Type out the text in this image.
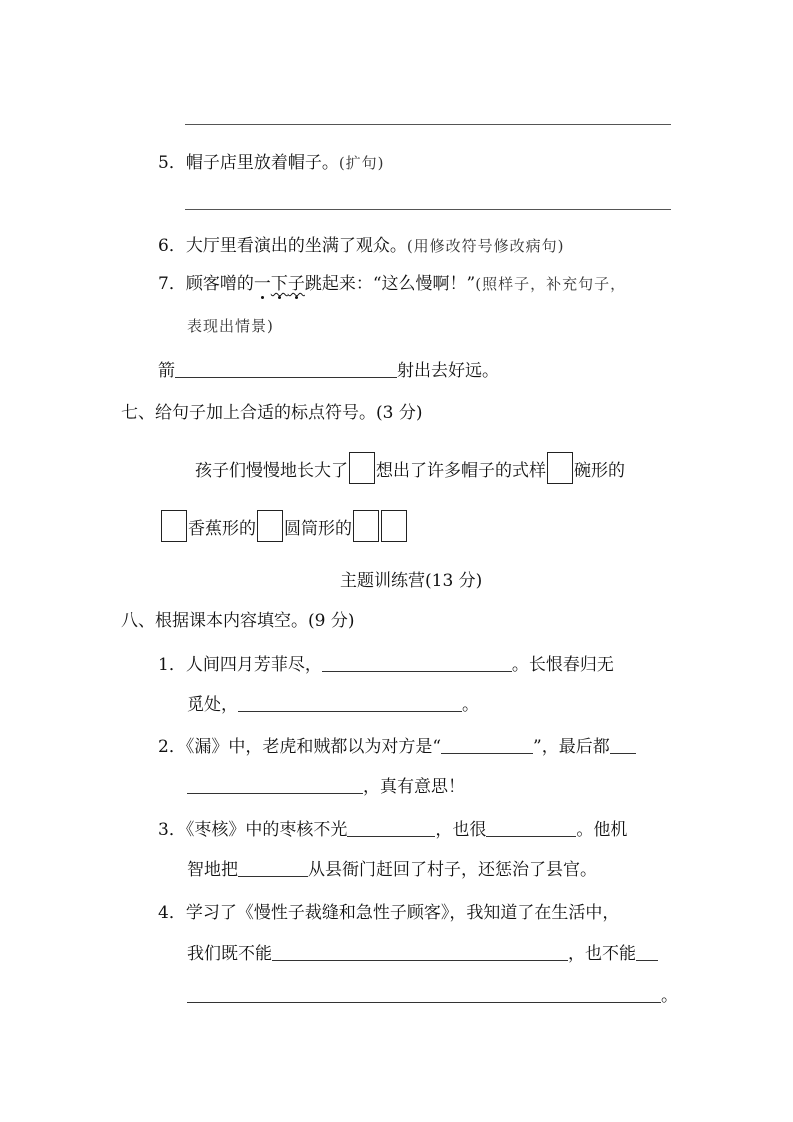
5．帽子店里放着帽子。(扩句)
6．大厅里看演出的坐满了观众。(用修改符号修改病句)
7．顾客噌的一下子跳起来：“这么慢啊！”(照样子，补充句子，
表现出情景)
箭	射出去好远。
七、给句子加上合适的标点符号。(3 分)
孩子们慢慢地长大了 想出了许多帽子的式样 碗形的
香蕉形的 圆筒形的
主题训练营(13 分)
八、根据课本内容填空。(9 分)
1．人间四月芳菲尽，	。长恨春归无
觅处，	。
2．《漏》中，老虎和贼都以为对方是“	”，最后都
，真有意思！
3．《枣核》中的枣核不光	，也很	。他机
智地把	从县衙门赶回了村子，还惩治了县官。
4．学习了《慢性子裁缝和急性子顾客》，我知道了在生活中，
我们既不能	，也不能
。
